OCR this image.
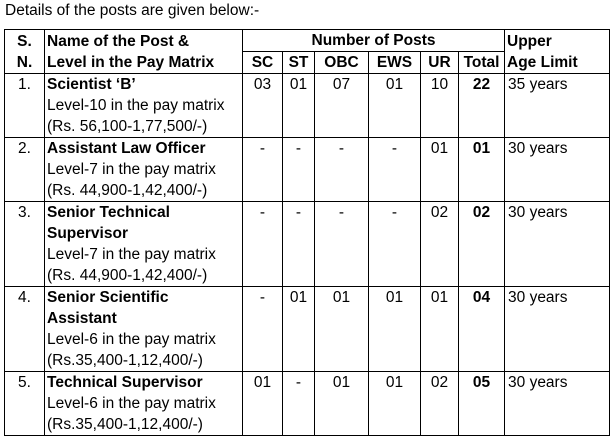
Details of the posts are given below:-
S.
N.	Name of the Post &
Level in the Pay Matrix	Number of Posts						Upper
Age Limit

		SC	ST	OBC	EWS	UR	Total	
1.	Scientist ‘B’
Level-10 in the pay matrix
(Rs. 56,100-1,77,500/-)	03	01	07	01	10	22	35 years
2.	Assistant Law Officer
Level-7 in the pay matrix
(Rs. 44,900-1,42,400/-)	-	-	-	-	01	01	30 years
3.	Senior Technical
Supervisor
Level-7 in the pay matrix
(Rs. 44,900-1,42,400/-)	-	-	-	-	02	02	30 years
4.	Senior Scientific
Assistant
Level-6 in the pay matrix
(Rs.35,400-1,12,400/-)	-	01	01	01	01	04	30 years
5.	Technical Supervisor
Level-6 in the pay matrix
(Rs.35,400-1,12,400/-)	01	-	01	01	02	05	30 years
